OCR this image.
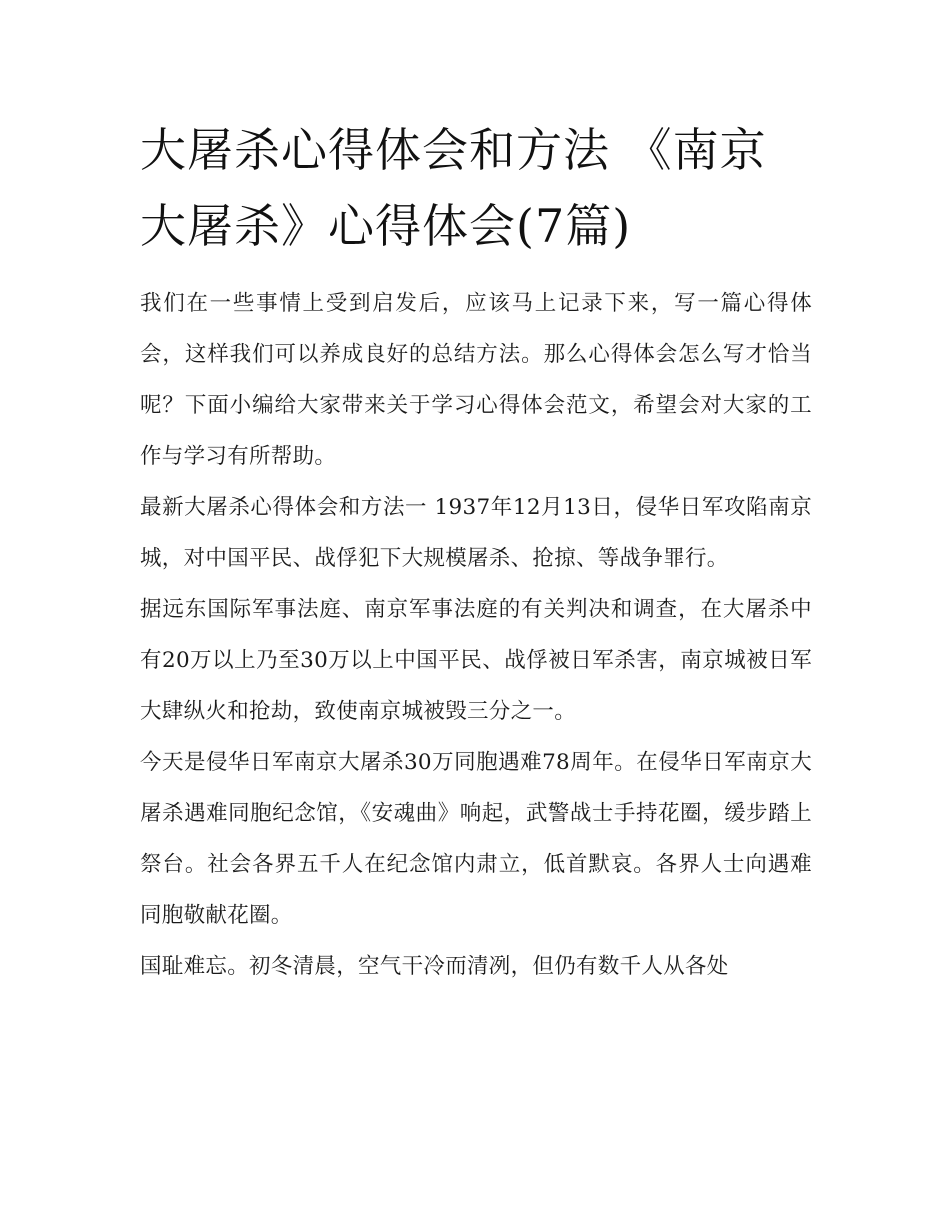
大屠杀心得体会和方法 《南京大屠杀》心得体会(7篇)

我们在一些事情上受到启发后，应该马上记录下来，写一篇心得体会，这样我们可以养成良好的总结方法。那么心得体会怎么写才恰当呢？下面小编给大家带来关于学习心得体会范文，希望会对大家的工作与学习有所帮助。

最新大屠杀心得体会和方法一 1937年12月13日，侵华日军攻陷南京城，对中国平民、战俘犯下大规模屠杀、抢掠、等战争罪行。

据远东国际军事法庭、南京军事法庭的有关判决和调查，在大屠杀中有20万以上乃至30万以上中国平民、战俘被日军杀害，南京城被日军大肆纵火和抢劫，致使南京城被毁三分之一。

今天是侵华日军南京大屠杀30万同胞遇难78周年。在侵华日军南京大屠杀遇难同胞纪念馆，《安魂曲》响起，武警战士手持花圈，缓步踏上祭台。社会各界五千人在纪念馆内肃立，低首默哀。各界人士向遇难同胞敬献花圈。

国耻难忘。初冬清晨，空气干冷而清冽，但仍有数千人从各处
